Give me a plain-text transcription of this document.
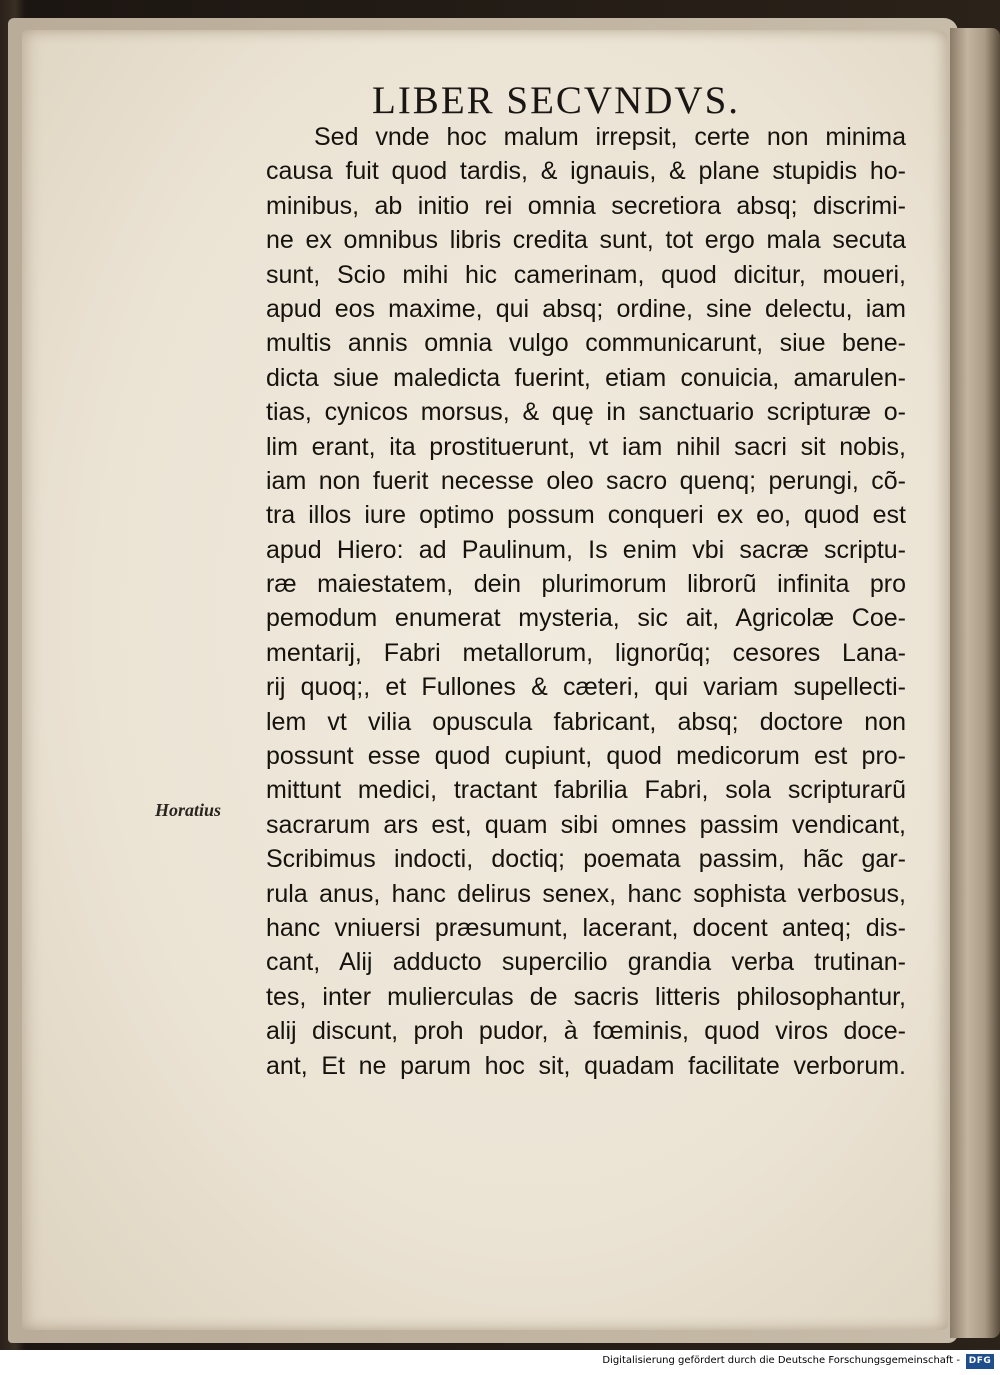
LIBER SECVNDVS.
Horatius
Sed vnde hoc malum irrepsit, certe non minima
causa fuit quod tardis, & ignauis, & plane stupidis ho-
minibus, ab initio rei omnia secretiora absq; discrimi-
ne ex omnibus libris credita sunt, tot ergo mala secuta
sunt, Scio mihi hic camerinam, quod dicitur, moueri,
apud eos maxime, qui absq; ordine, sine delectu, iam
multis annis omnia vulgo communicarunt, siue bene-
dicta siue maledicta fuerint, etiam conuicia, amarulen-
tias, cynicos morsus, & quę in sanctuario scripturæ o-
lim erant, ita prostituerunt, vt iam nihil sacri sit nobis,
iam non fuerit necesse oleo sacro quenq; perungi, cõ-
tra illos iure optimo possum conqueri ex eo, quod est
apud Hiero: ad Paulinum, Is enim vbi sacræ scriptu-
ræ maiestatem, dein plurimorum librorũ infinita pro
pemodum enumerat mysteria, sic ait, Agricolæ Coe-
mentarij, Fabri metallorum, lignorũq; cesores Lana-
rij quoq;, et Fullones & cæteri, qui variam supellecti-
lem vt vilia opuscula fabricant, absq; doctore non
possunt esse quod cupiunt, quod medicorum est pro-
mittunt medici, tractant fabrilia Fabri, sola scripturarũ
sacrarum ars est, quam sibi omnes passim vendicant,
Scribimus indocti, doctiq; poemata passim, hãc gar-
rula anus, hanc delirus senex, hanc sophista verbosus,
hanc vniuersi præsumunt, lacerant, docent anteq; dis-
cant, Alij adducto supercilio grandia verba trutinan-
tes, inter mulierculas de sacris litteris philosophantur,
alij discunt, proh pudor, à fœminis, quod viros doce-
ant, Et ne parum hoc sit, quadam facilitate verborum.
Digitalisierung gefördert durch die Deutsche Forschungsgemeinschaft - DFG
